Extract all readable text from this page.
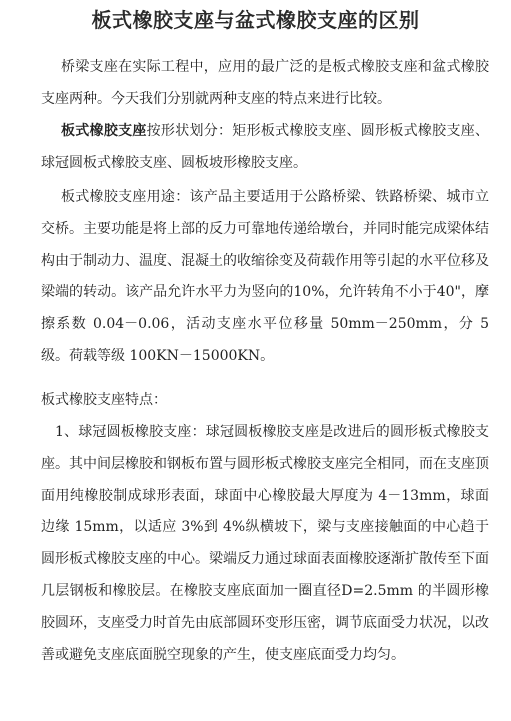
板式橡胶支座与盆式橡胶支座的区别

桥梁支座在实际工程中，应用的最广泛的是板式橡胶支座和盆式橡胶支座两种。今天我们分别就两种支座的特点来进行比较。

板式橡胶支座按形状划分：矩形板式橡胶支座、圆形板式橡胶支座、球冠圆板式橡胶支座、圆板坡形橡胶支座。

板式橡胶支座用途：该产品主要适用于公路桥梁、铁路桥梁、城市立交桥。主要功能是将上部的反力可靠地传递给墩台，并同时能完成梁体结构由于制动力、温度、混凝土的收缩徐变及荷载作用等引起的水平位移及梁端的转动。该产品允许水平力为竖向的10%，允许转角不小于40"，摩擦系数 0.04－0.06，活动支座水平位移量 50mm－250mm，分 5 级。荷载等级 100KN－15000KN。

板式橡胶支座特点：

1、球冠圆板橡胶支座：球冠圆板橡胶支座是改进后的圆形板式橡胶支座。其中间层橡胶和钢板布置与圆形板式橡胶支座完全相同，而在支座顶面用纯橡胶制成球形表面，球面中心橡胶最大厚度为 4－13mm，球面边缘 15mm，以适应 3%到 4%纵横坡下，梁与支座接触面的中心趋于圆形板式橡胶支座的中心。梁端反力通过球面表面橡胶逐渐扩散传至下面几层钢板和橡胶层。在橡胶支座底面加一圈直径D=2.5mm 的半圆形橡胶圆环，支座受力时首先由底部圆环变形压密，调节底面受力状况，以改善或避免支座底面脱空现象的产生，使支座底面受力均匀。
